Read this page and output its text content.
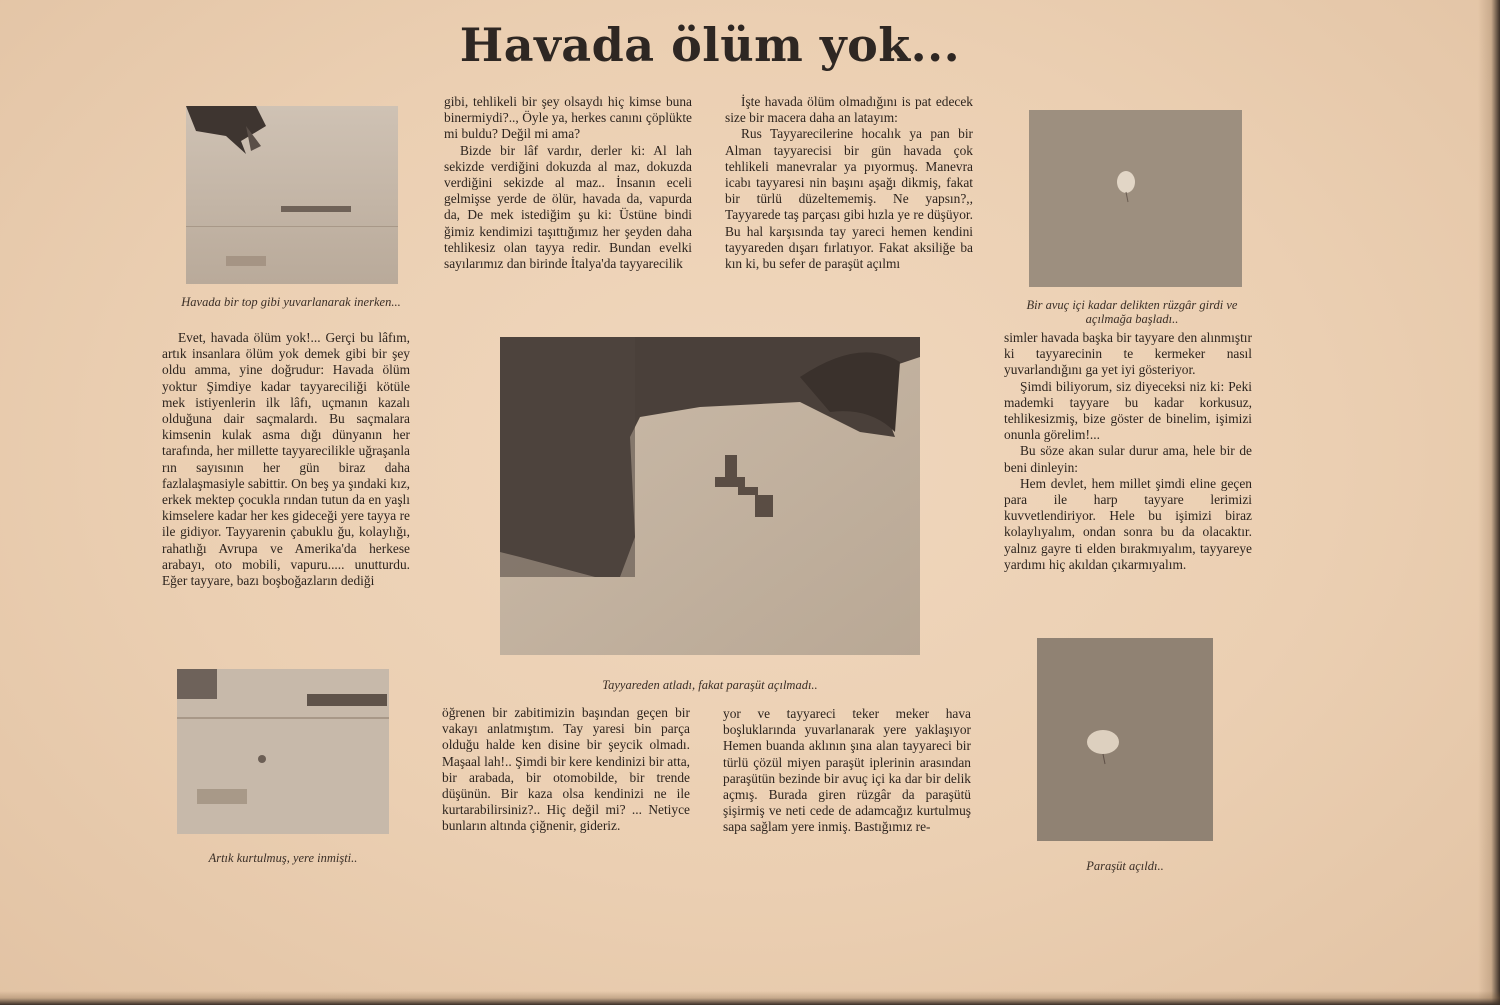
Havada ölüm yok...
Havada bir top gibi yuvarlanarak inerken...

Evet, havada ölüm yok!... Gerçi bu lâfım, artık insanlara ölüm yok demek gibi bir şey oldu amma, yine doğrudur: Havada ölüm yoktur Şimdiye kadar tayyareciliği kötüle mek istiyenlerin ilk lâfı, uçmanın kazalı olduğuna dair saçmalardı. Bu saçmalara kimsenin kulak asma dığı dünyanın her tarafında, her millette tayyarecilikle uğraşanla rın sayısının her gün biraz daha fazlalaşmasiyle sabittir. On beş ya şındaki kız, erkek mektep çocukla rından tutun da en yaşlı kimselere kadar her kes gideceği yere tayya re ile gidiyor. Tayyarenin çabuklu ğu, kolaylığı, rahatlığı Avrupa ve Amerika'da herkese arabayı, oto mobili, vapuru..... unutturdu. Eğer tayyare, bazı boşboğazların dediği

Artık kurtulmuş, yere inmişti..

gibi, tehlikeli bir şey olsaydı hiç kimse buna binermiydi?.., Öyle ya, herkes canını çöplükte mi buldu? Değil mi ama?

Bizde bir lâf vardır, derler ki: Al lah sekizde verdiğini dokuzda al maz, dokuzda verdiğini sekizde al maz.. İnsanın eceli gelmişse yerde de ölür, havada da, vapurda da, De mek istediğim şu ki: Üstüne bindi ğimiz kendimizi taşıttığımız her şeyden daha tehlikesiz olan tayya redir. Bundan evelki sayılarımız dan birinde İtalya'da tayyarecilik

İşte havada ölüm olmadığını is pat edecek size bir macera daha an latayım:

Rus Tayyarecilerine hocalık ya pan bir Alman tayyarecisi bir gün havada çok tehlikeli manevralar ya pıyormuş. Manevra icabı tayyaresi nin başını aşağı dikmiş, fakat bir türlü düzeltememiş. Ne yapsın?,, Tayyarede taş parçası gibi hızla ye re düşüyor. Bu hal karşısında tay yareci hemen kendini tayyareden dışarı fırlatıyor. Fakat aksiliğe ba kın ki, bu sefer de paraşüt açılmı

Tayyareden atladı, fakat paraşüt açılmadı..

öğrenen bir zabitimizin başından geçen bir vakayı anlatmıştım. Tay yaresi bin parça olduğu halde ken disine bir şeycik olmadı. Maşaal lah!.. Şimdi bir kere kendinizi bir atta, bir arabada, bir otomobilde, bir trende düşünün. Bir kaza olsa kendinizi ne ile kurtarabilirsiniz?.. Hiç değil mi? ... Netiyce bunların altında çiğnenir, gideriz.

yor ve tayyareci teker meker hava boşluklarında yuvarlanarak yere yaklaşıyor Hemen buanda aklının şına alan tayyareci bir türlü çözül miyen paraşüt iplerinin arasından paraşütün bezinde bir avuç içi ka dar bir delik açmış. Burada giren rüzgâr da paraşütü şişirmiş ve neti cede de adamcağız kurtulmuş sapa sağlam yere inmiş. Bastığımız re-

Bir avuç içi kadar delikten rüzgâr girdi ve açılmağa başladı..

simler havada başka bir tayyare den alınmıştır ki tayyarecinin te kermeker nasıl yuvarlandığını ga yet iyi gösteriyor.

Şimdi biliyorum, siz diyeceksi niz ki: Peki mademki tayyare bu kadar korkusuz, tehlikesizmiş, bize göster de binelim, işimizi onunla görelim!...

Bu söze akan sular durur ama, hele bir de beni dinleyin:

Hem devlet, hem millet şimdi eline geçen para ile harp tayyare lerimizi kuvvetlendiriyor. Hele bu işimizi biraz kolaylıyalım, ondan sonra bu da olacaktır. yalnız gayre ti elden bırakmıyalım, tayyareye yardımı hiç akıldan çıkarmıyalım.

Paraşüt açıldı..
